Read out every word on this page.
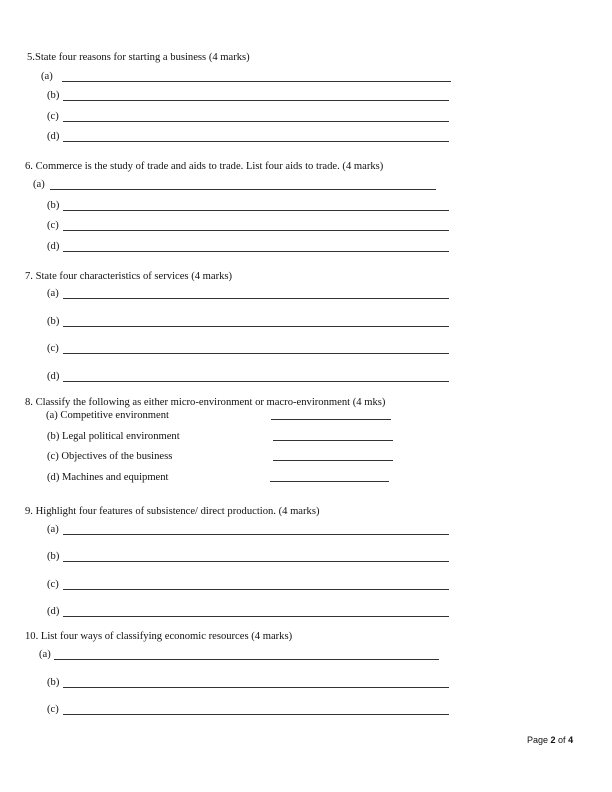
5.State four reasons for starting a business (4 marks)
(a)
(b)
(c)
(d)
6. Commerce is the study of trade and aids to trade. List four aids to trade. (4 marks)
(a)
(b)
(c)
(d)
7. State four characteristics of services (4 marks)
(a)
(b)
(c)
(d)
8. Classify the following as either micro-environment or macro-environment (4 mks)
(a) Competitive environment
(b) Legal political environment
(c) Objectives of the business
(d) Machines and equipment
9. Highlight four features of subsistence/ direct production. (4 marks)
(a)
(b)
(c)
(d)
10. List four ways of classifying economic resources (4 marks)
(a)
(b)
(c)
Page 2 of 4
